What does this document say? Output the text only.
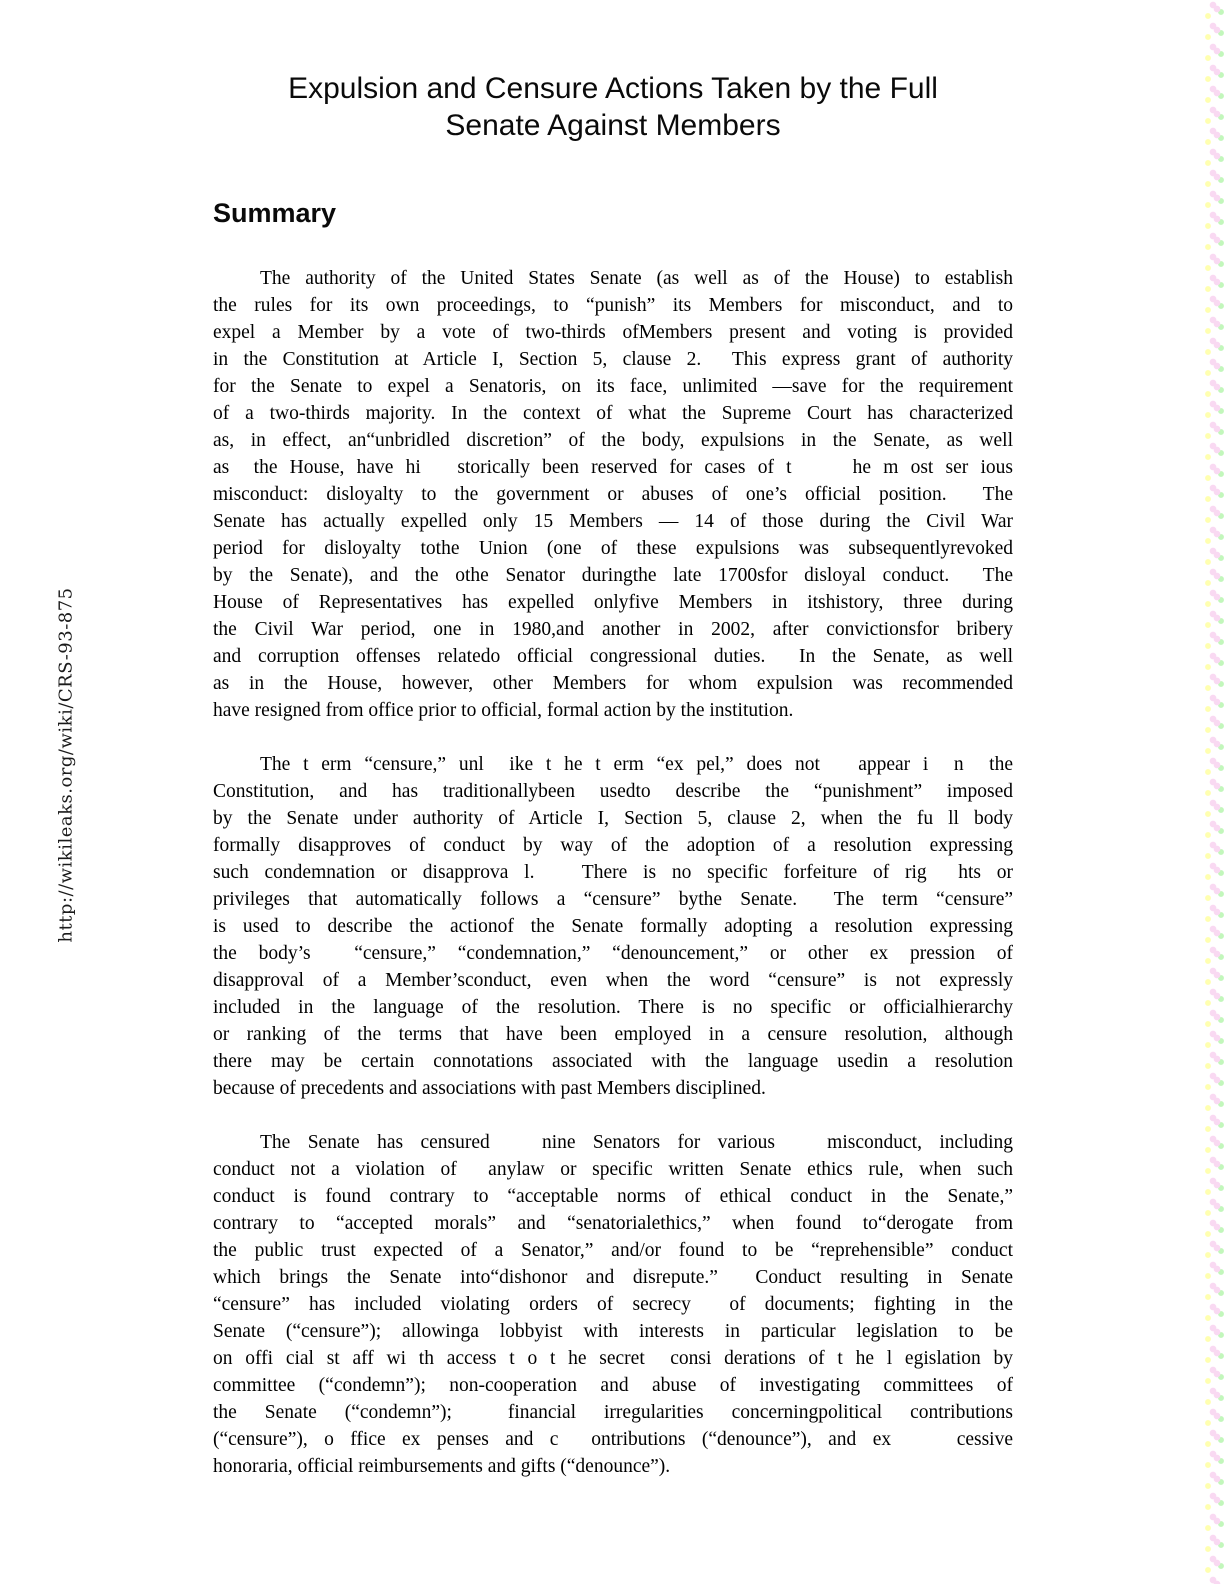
http://wikileaks.org/wiki/CRS-93-875
Expulsion and Censure Actions Taken by the Full
Senate Against Members
Summary
The authority of the United States Senate (as well as of the House) to establish
the rules for its own proceedings, to “punish” its Members for misconduct, and to
expel a Member by a vote of two-thirds ofMembers present and voting is provided
in the Constitution at Article I, Section 5, clause 2.  This express grant of authority
for the Senate to expel a Senatoris, on its face, unlimited —save for the requirement
of a two-thirds majority. In the context of what the Supreme Court has characterized
as, in effect, an“unbridled discretion” of the body, expulsions in the Senate, as well
as  the House, have hi   storically been reserved for cases of t     he m ost ser ious
misconduct: disloyalty to the government or abuses of one’s official position.  The
Senate has actually expelled only 15 Members — 14 of those during the Civil War
period for disloyalty tothe Union (one of these expulsions was subsequentlyrevoked
by the Senate), and the othe Senator duringthe late 1700sfor disloyal conduct.  The
House of Representatives has expelled onlyfive Members in itshistory, three during
the Civil War period, one in 1980,and another in 2002, after convictionsfor bribery
and corruption offenses relatedo official congressional duties.  In the Senate, as well
as in the House, however, other Members for whom expulsion was recommended
have resigned from office prior to official, formal action by the institution.
The t erm “censure,” unl  ike t he t erm “ex pel,” does not   appear i  n  the
Constitution, and has traditionallybeen usedto describe the “punishment” imposed
by the Senate under authority of Article I, Section 5, clause 2, when the fu ll body
formally disapproves of conduct by way of the adoption of a resolution expressing
such condemnation or disapprova l.   There is no specific forfeiture of rig  hts or
privileges that automatically follows a “censure” bythe Senate.  The term “censure”
is used to describe the actionof the Senate formally adopting a resolution expressing
the body’s  “censure,” “condemnation,” “denouncement,” or other ex pression of
disapproval of a Member’sconduct, even when the word “censure” is not expressly
included in the language of the resolution. There is no specific or officialhierarchy
or ranking of the terms that have been employed in a censure resolution, although
there may be certain connotations associated with the language usedin a resolution
because of precedents and associations with past Members disciplined.
The Senate has censured   nine Senators for various   misconduct, including
conduct not a violation of  anylaw or specific written Senate ethics rule, when such
conduct is found contrary to “acceptable norms of ethical conduct in the Senate,”
contrary to “accepted morals” and “senatorialethics,” when found to“derogate from
the public trust expected of a Senator,” and/or found to be “reprehensible” conduct
which brings the Senate into“dishonor and disrepute.”  Conduct resulting in Senate
“censure” has included violating orders of secrecy  of documents; fighting in the
Senate (“censure”); allowinga lobbyist with interests in particular legislation to be
on offi cial st aff wi th access t o t he secret  consi derations of t he l egislation by
committee (“condemn”); non-cooperation and abuse of investigating committees of
the Senate (“condemn”);  financial irregularities concerningpolitical contributions
(“censure”), o ffice ex penses and c  ontributions (“denounce”), and ex    cessive
honoraria, official reimbursements and gifts (“denounce”).
